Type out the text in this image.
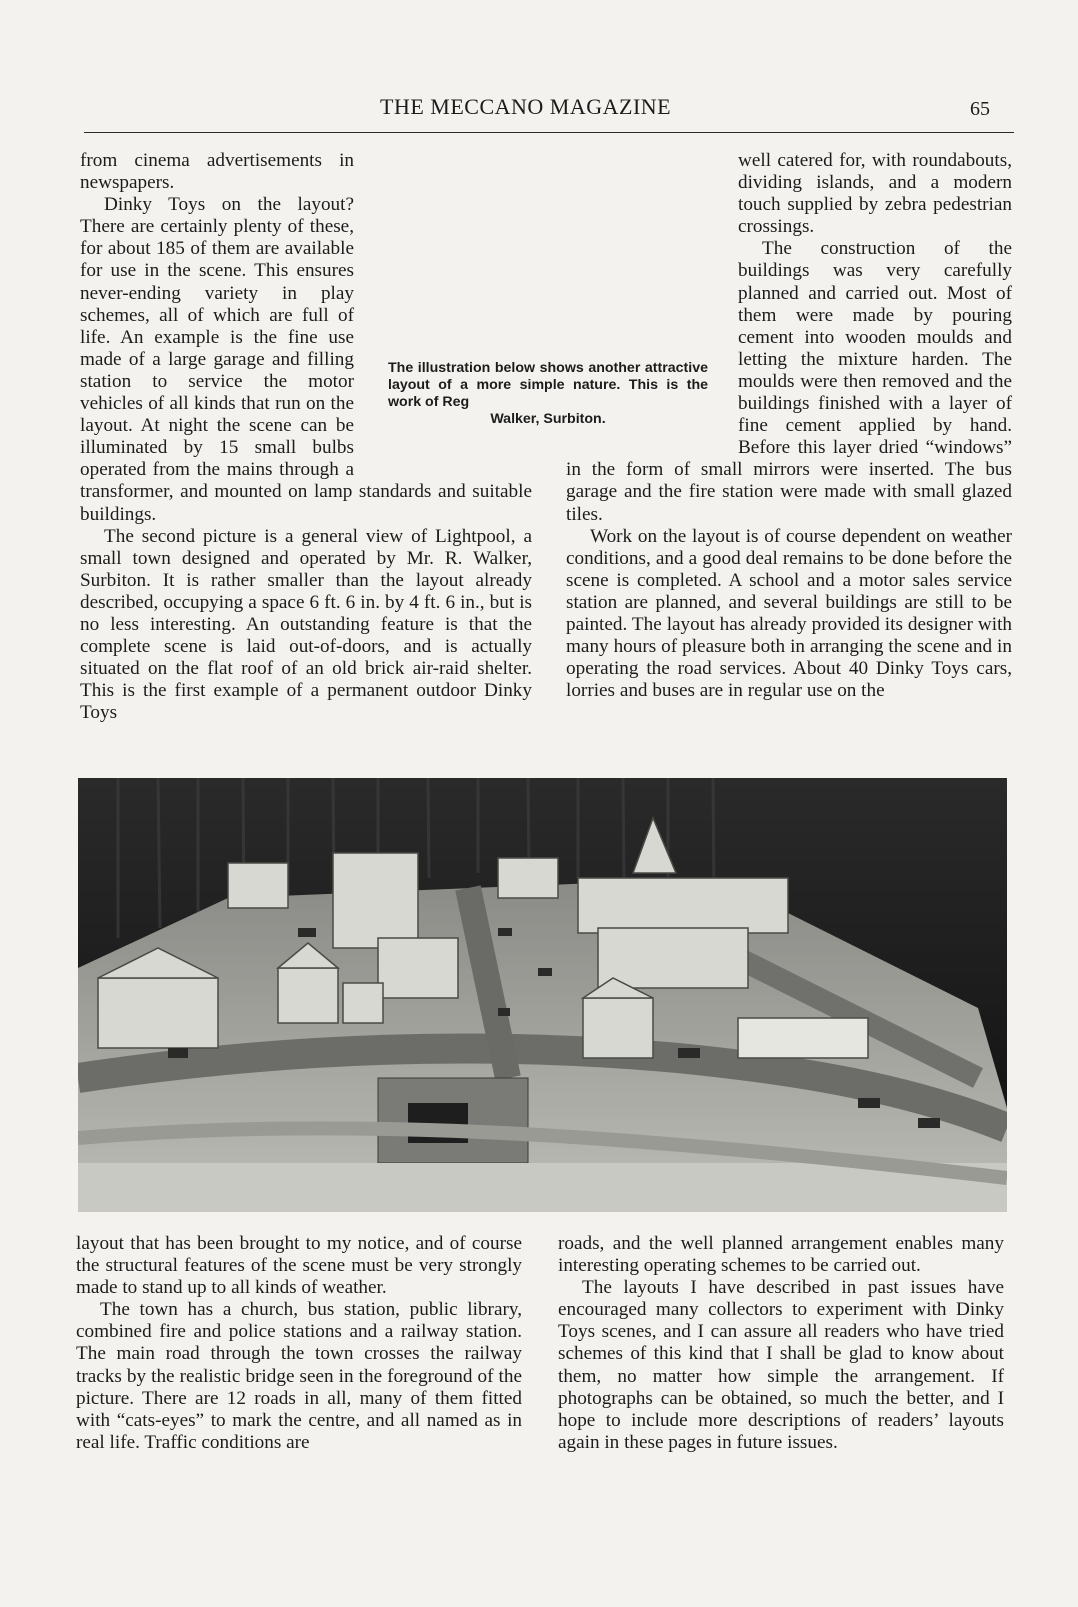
THE MECCANO MAGAZINE	65

from cinema advertisements in newspapers.

Dinky Toys on the layout? There are certainly plenty of these, for about 185 of them are available for use in the scene. This ensures never-ending variety in play schemes, all of which are full of life. An example is the fine use made of a large garage and filling station to service the motor vehicles of all kinds that run on the layout. At night the scene can be illuminated by 15 small bulbs operated from the mains through a transformer, and mounted on lamp standards and suitable buildings.

The second picture is a general view of Lightpool, a small town designed and operated by Mr. R. Walker, Surbiton. It is rather smaller than the layout already described, occupying a space 6 ft. 6 in. by 4 ft. 6 in., but is no less interesting. An outstanding feature is that the complete scene is laid out-of-doors, and is actually situated on the flat roof of an old brick air-raid shelter. This is the first example of a permanent outdoor Dinky Toys

The illustration below shows another attractive layout of a more simple nature. This is the work of Reg
Walker, Surbiton.

well catered for, with roundabouts, dividing islands, and a modern touch supplied by zebra pedestrian crossings.

The construction of the buildings was very carefully planned and carried out. Most of them were made by pouring cement into wooden moulds and letting the mixture harden. The moulds were then removed and the buildings finished with a layer of fine cement applied by hand. Before this layer dried “windows” in the form of small mirrors were inserted. The bus garage and the fire station were made with small glazed tiles.

Work on the layout is of course dependent on weather conditions, and a good deal remains to be done before the scene is completed. A school and a motor sales service station are planned, and several buildings are still to be painted. The layout has already provided its designer with many hours of pleasure both in arranging the scene and in operating the road services. About 40 Dinky Toys cars, lorries and buses are in regular use on the

layout that has been brought to my notice, and of course the structural features of the scene must be very strongly made to stand up to all kinds of weather.

The town has a church, bus station, public library, combined fire and police stations and a railway station. The main road through the town crosses the railway tracks by the realistic bridge seen in the foreground of the picture. There are 12 roads in all, many of them fitted with “cats-eyes” to mark the centre, and all named as in real life. Traffic conditions are

roads, and the well planned arrangement enables many interesting operating schemes to be carried out.

The layouts I have described in past issues have encouraged many collectors to experiment with Dinky Toys scenes, and I can assure all readers who have tried schemes of this kind that I shall be glad to know about them, no matter how simple the arrangement. If photographs can be obtained, so much the better, and I hope to include more descriptions of readers’ layouts again in these pages in future issues.
